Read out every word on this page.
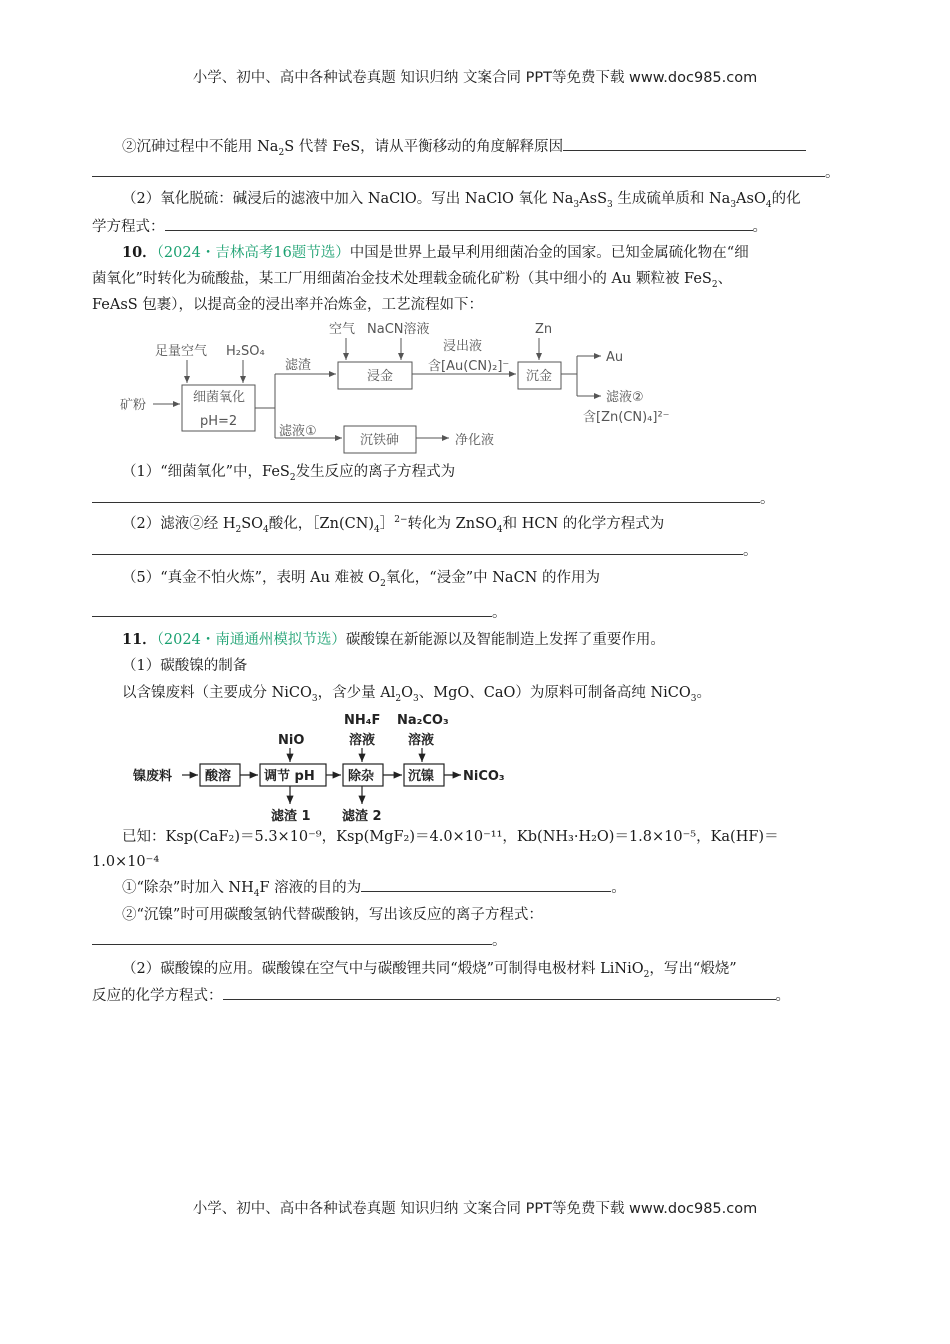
小学、初中、高中各种试卷真题 知识归纳 文案合同 PPT等免费下载 www.doc985.com
②沉砷过程中不能用 $Na_2S$ 代替 FeS，请从平衡移动的角度解释原因
。
（2）氧化脱硫：碱浸后的滤液中加入 NaClO。写出 NaClO 氧化 $Na_3AsS_3$ 生成硫单质和 $Na_3AsO_4$的化
学方程式：	。
10．（2024・吉林高考16题节选）中国是世界上最早利用细菌冶金的国家。已知金属硫化物在“细
菌氧化”时转化为硫酸盐，某工厂用细菌冶金技术处理载金硫化矿粉（其中细小的 Au 颗粒被 FeS$_2$、
FeAsS 包裹），以提高金的浸出率并冶炼金，工艺流程如下：
矿粉
足量空气 H₂SO₄
细菌氧化
pH=2
滤渣
空气 NaCN溶液
浸金
浸出液
含[Au(CN)₂]⁻
Zn
沉金
Au
滤液②
含[Zn(CN)₄]²⁻
滤液①
沉铁砷	净化液
（1）“细菌氧化”中，FeS$_2$发生反应的离子方程式为
。
（2）滤液②经 $H_2SO_4$酸化，$[Zn(CN)_4]^{2-}$转化为 ZnSO$_4$和 HCN 的化学方程式为
。
（5）“真金不怕火炼”，表明 Au 难被 $O_2$氧化，“浸金”中 NaCN 的作用为
。
11．（2024・南通通州模拟节选）碳酸镍在新能源以及智能制造上发挥了重要作用。
（1）碳酸镍的制备
以含镍废料（主要成分 NiCO$_3$，含少量 $Al_2O_3$、MgO、CaO）为原料可制备高纯 NiCO$_3$。
镍废料	酸溶
NiO
调节 pH
NH₄F
溶液
除杂
Na₂CO₃
溶液
沉镍 NiCO₃
滤渣 1 滤渣 2
已知：Ksp(CaF₂)＝5.3×10⁻⁹，Ksp(MgF₂)＝4.0×10⁻¹¹，Kb(NH₃·H₂O)＝1.8×10⁻⁵，Ka(HF)＝
1.0×10⁻⁴
①“除杂”时加入 $NH_4F$ 溶液的目的为	。
②“沉镍”时可用碳酸氢钠代替碳酸钠，写出该反应的离子方程式：
。
（2）碳酸镍的应用。碳酸镍在空气中与碳酸锂共同“煅烧”可制得电极材料 LiNiO$_2$，写出“煅烧”
反应的化学方程式：	。
小学、初中、高中各种试卷真题 知识归纳 文案合同 PPT等免费下载 www.doc985.com
